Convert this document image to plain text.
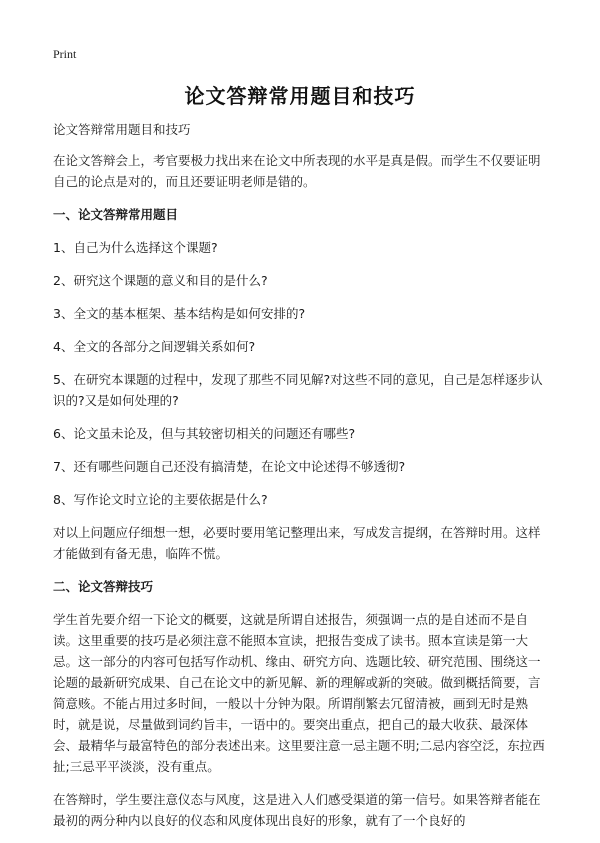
Print
论文答辩常用题目和技巧

论文答辩常用题目和技巧

在论文答辩会上，考官要极力找出来在论文中所表现的水平是真是假。而学生不仅要证明自己的论点是对的，而且还要证明老师是错的。

一、论文答辩常用题目

1、自己为什么选择这个课题?

2、研究这个课题的意义和目的是什么?

3、全文的基本框架、基本结构是如何安排的?

4、全文的各部分之间逻辑关系如何?

5、在研究本课题的过程中，发现了那些不同见解?对这些不同的意见，自己是怎样逐步认识的?又是如何处理的?

6、论文虽未论及，但与其较密切相关的问题还有哪些?

7、还有哪些问题自己还没有搞清楚，在论文中论述得不够透彻?

8、写作论文时立论的主要依据是什么?

对以上问题应仔细想一想，必要时要用笔记整理出来，写成发言提纲，在答辩时用。这样才能做到有备无患，临阵不慌。

二、论文答辩技巧

学生首先要介绍一下论文的概要，这就是所谓自述报告，须强调一点的是自述而不是自读。这里重要的技巧是必须注意不能照本宣读，把报告变成了读书。照本宣读是第一大忌。这一部分的内容可包括写作动机、缘由、研究方向、选题比较、研究范围、围绕这一论题的最新研究成果、自己在论文中的新见解、新的理解或新的突破。做到概括简要，言简意赅。不能占用过多时间，一般以十分钟为限。所谓削繁去冗留清被，画到无时是熟时，就是说，尽量做到词约旨丰，一语中的。要突出重点，把自己的最大收获、最深体会、最精华与最富特色的部分表述出来。这里要注意一忌主题不明;二忌内容空泛，东拉西扯;三忌平平淡淡，没有重点。

在答辩时，学生要注意仪态与风度，这是进入人们感受渠道的第一信号。如果答辩者能在最初的两分种内以良好的仪态和风度体现出良好的形象，就有了一个良好的
